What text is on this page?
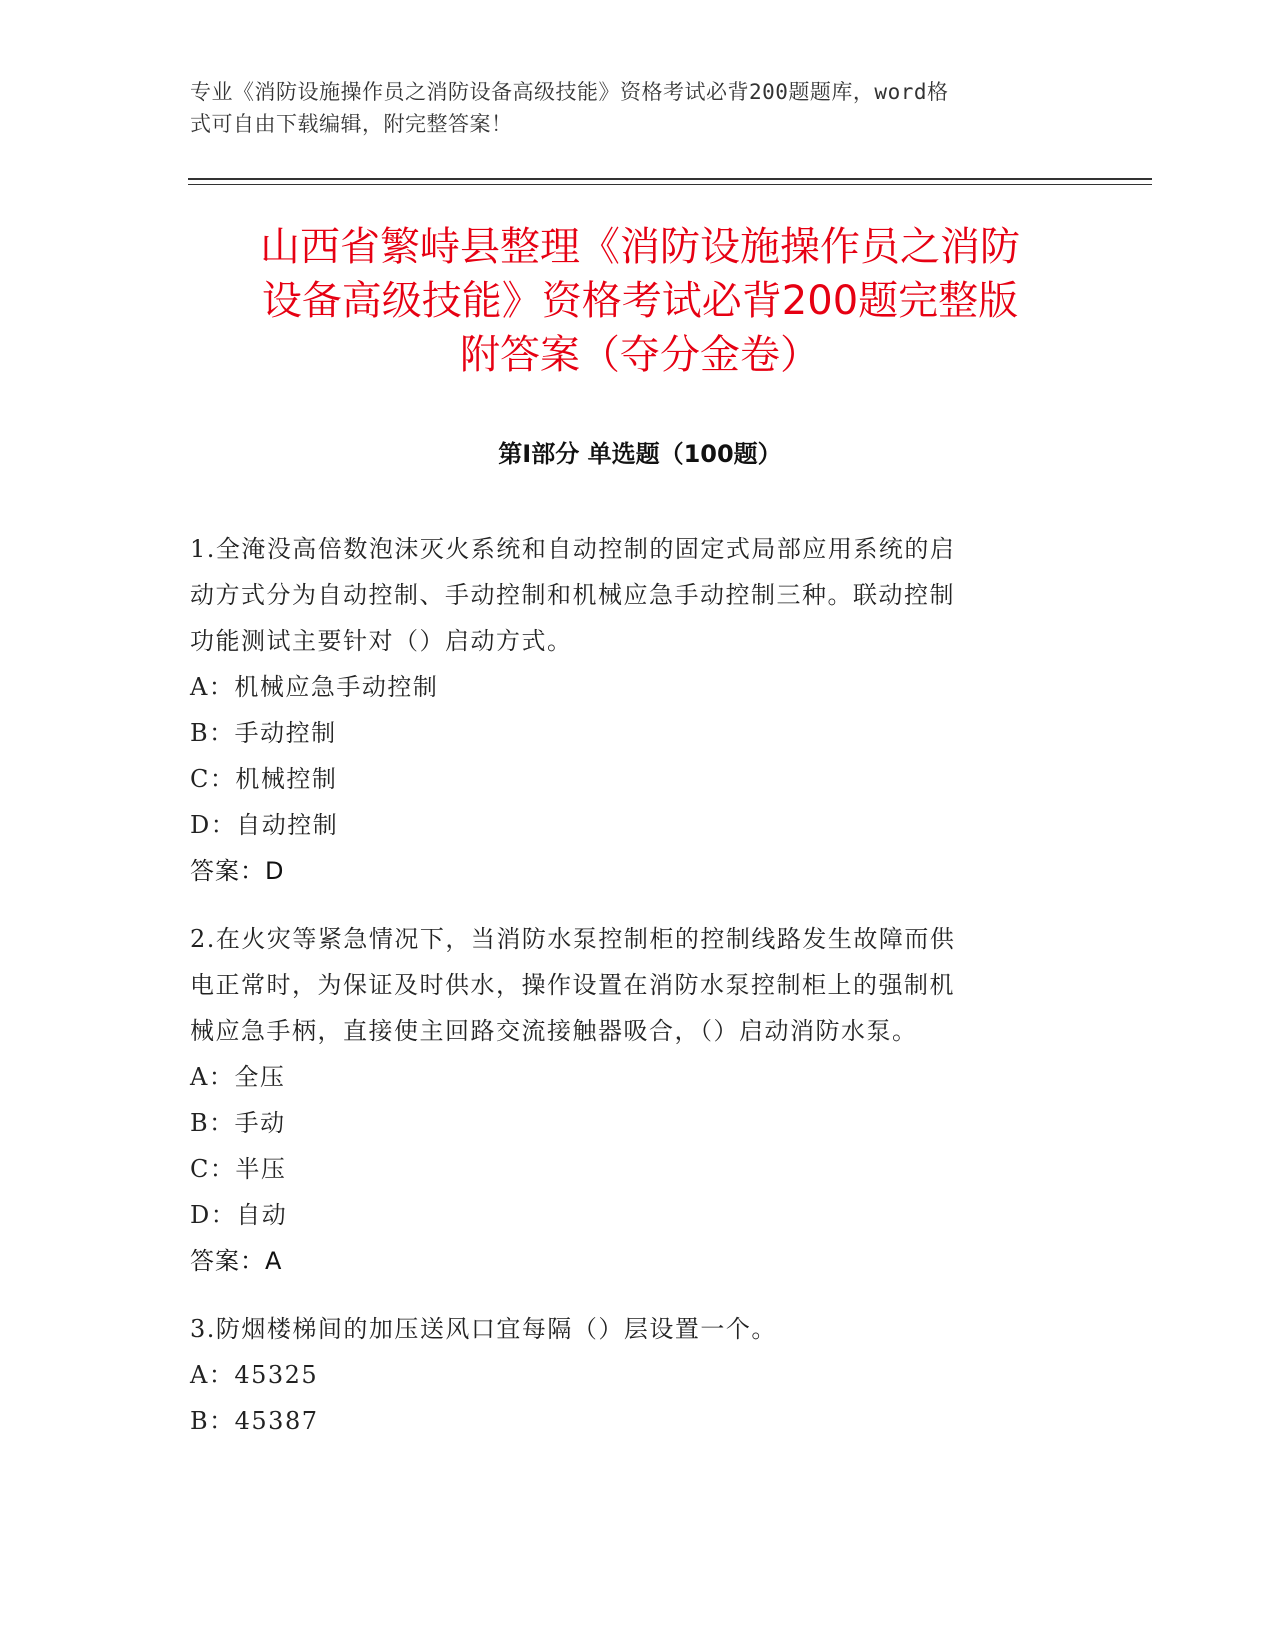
专业《消防设施操作员之消防设备高级技能》资格考试必背200题题库，word格
式可自由下载编辑，附完整答案！
山西省繁峙县整理《消防设施操作员之消防
设备高级技能》资格考试必背200题完整版
附答案（夺分金卷）
第Ⅰ部分 单选题（100题）
1.全淹没高倍数泡沫灭火系统和自动控制的固定式局部应用系统的启
动方式分为自动控制、手动控制和机械应急手动控制三种。联动控制
功能测试主要针对（）启动方式。
A：机械应急手动控制
B：手动控制
C：机械控制
D：自动控制
答案：D
2.在火灾等紧急情况下，当消防水泵控制柜的控制线路发生故障而供
电正常时，为保证及时供水，操作设置在消防水泵控制柜上的强制机
械应急手柄，直接使主回路交流接触器吸合，（）启动消防水泵。
A：全压
B：手动
C：半压
D：自动
答案：A
3.防烟楼梯间的加压送风口宜每隔（）层设置一个。
A：45325
B：45387
